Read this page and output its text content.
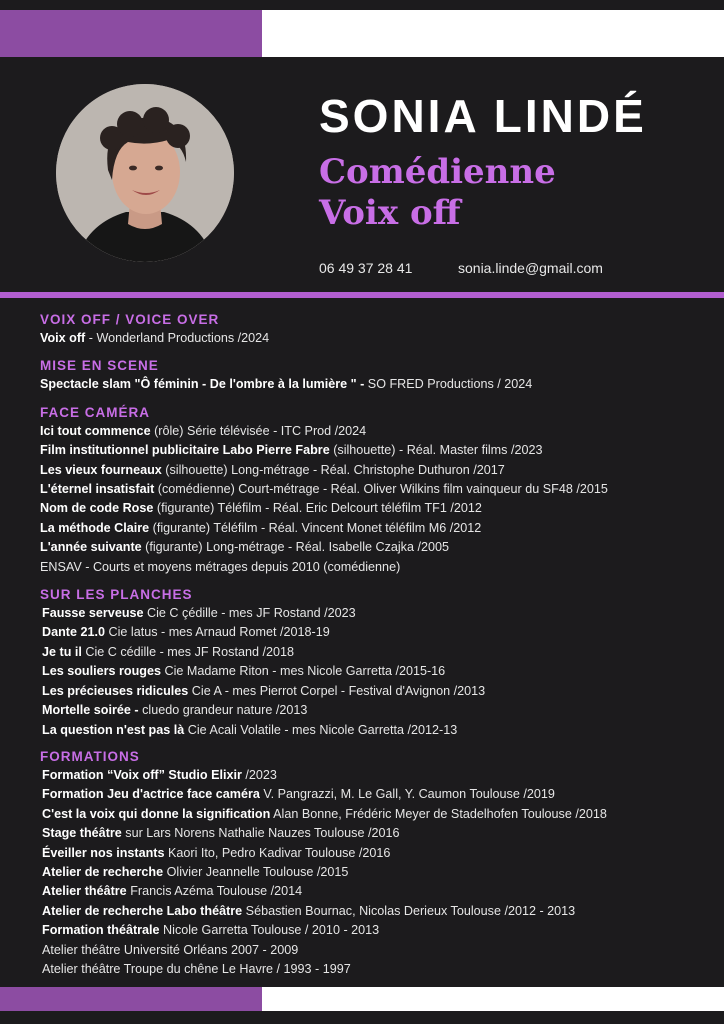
SONIA LINDÉ
Comédienne
Voix off
06 49 37 28 41	sonia.linde@gmail.com
VOIX OFF / VOICE OVER
Voix off - Wonderland Productions /2024
MISE EN SCENE
Spectacle slam "Ô féminin - De l'ombre à la lumière " - SO FRED Productions / 2024
FACE CAMÉRA
Ici tout commence (rôle) Série télévisée - ITC Prod /2024
Film institutionnel publicitaire Labo Pierre Fabre (silhouette) - Réal. Master films /2023
Les vieux fourneaux (silhouette) Long-métrage - Réal. Christophe Duthuron /2017
L'éternel insatisfait (comédienne) Court-métrage - Réal. Oliver Wilkins film vainqueur du SF48 /2015
Nom de code Rose (figurante) Téléfilm - Réal. Eric Delcourt téléfilm TF1 /2012
La méthode Claire (figurante) Téléfilm - Réal. Vincent Monet téléfilm M6 /2012
L'année suivante (figurante) Long-métrage - Réal. Isabelle Czajka /2005
ENSAV - Courts et moyens métrages depuis 2010 (comédienne)
SUR LES PLANCHES
Fausse serveuse Cie C çédille - mes JF Rostand /2023
Dante 21.0 Cie latus - mes Arnaud Romet /2018-19
Je tu il Cie C cédille - mes JF Rostand /2018
Les souliers rouges Cie Madame Riton - mes Nicole Garretta /2015-16
Les précieuses ridicules Cie A - mes Pierrot Corpel - Festival d'Avignon /2013
Mortelle soirée - cluedo grandeur nature /2013
La question n'est pas là Cie Acali Volatile - mes Nicole Garretta /2012-13
FORMATIONS
Formation “Voix off” Studio Elixir /2023
Formation Jeu d'actrice face caméra V. Pangrazzi, M. Le Gall, Y. Caumon Toulouse /2019
C'est la voix qui donne la signification Alan Bonne, Frédéric Meyer de Stadelhofen Toulouse /2018
Stage théâtre sur Lars Norens Nathalie Nauzes Toulouse /2016
Éveiller nos instants Kaori Ito, Pedro Kadivar Toulouse /2016
Atelier de recherche Olivier Jeannelle Toulouse /2015
Atelier théâtre Francis Azéma Toulouse /2014
Atelier de recherche Labo théâtre Sébastien Bournac, Nicolas Derieux Toulouse /2012 - 2013
Formation théâtrale Nicole Garretta Toulouse / 2010 - 2013
Atelier théâtre Université Orléans 2007 - 2009
Atelier théâtre Troupe du chêne Le Havre / 1993 - 1997
